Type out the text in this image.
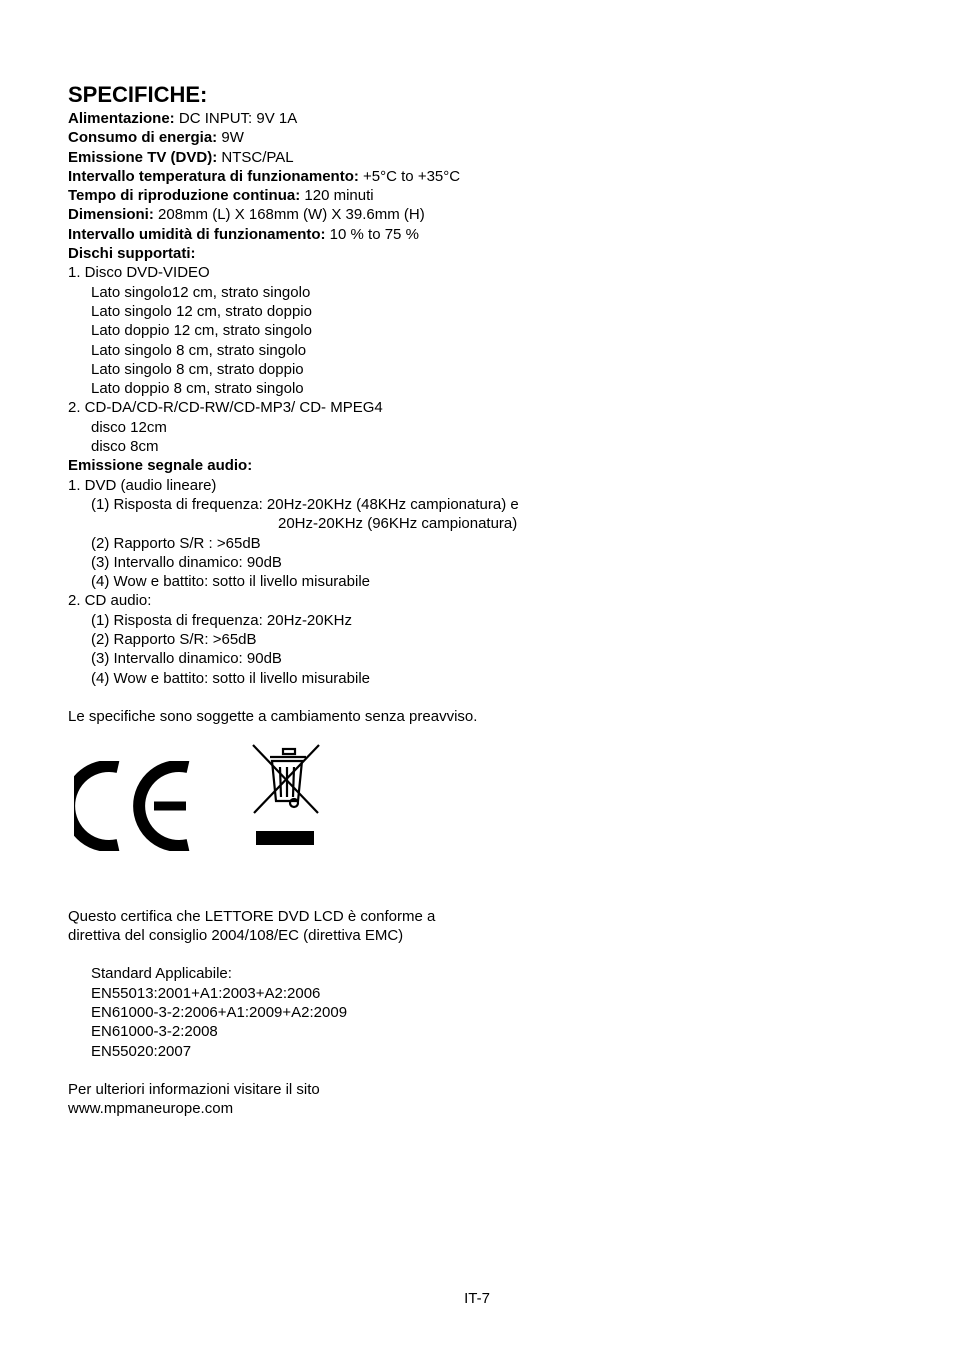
SPECIFICHE:
Alimentazione: DC INPUT: 9V 1A
Consumo di energia: 9W
Emissione TV (DVD): NTSC/PAL
Intervallo temperatura di funzionamento: +5°C to +35°C
Tempo di riproduzione continua: 120 minuti
Dimensioni: 208mm (L) X 168mm (W) X 39.6mm (H)
Intervallo umidità di funzionamento: 10 % to 75 %
Dischi supportati:
1. Disco DVD-VIDEO
Lato singolo12 cm, strato singolo
Lato singolo 12 cm, strato doppio
Lato doppio 12 cm, strato singolo
Lato singolo 8 cm, strato singolo
Lato singolo 8 cm, strato doppio
Lato doppio 8 cm, strato singolo
2. CD-DA/CD-R/CD-RW/CD-MP3/ CD- MPEG4
disco 12cm
disco 8cm
Emissione segnale audio:
1. DVD (audio lineare)
(1) Risposta di frequenza: 20Hz-20KHz (48KHz campionatura) e
20Hz-20KHz (96KHz campionatura)
(2) Rapporto S/R : >65dB
(3) Intervallo dinamico: 90dB
(4) Wow e battito: sotto il livello misurabile
2. CD audio:
(1) Risposta di frequenza: 20Hz-20KHz
(2) Rapporto S/R: >65dB
(3) Intervallo dinamico: 90dB
(4) Wow e battito: sotto il livello misurabile
Le specifiche sono soggette a cambiamento senza preavviso.
Questo certifica che LETTORE DVD LCD è conforme a
direttiva del consiglio 2004/108/EC (direttiva EMC)
Standard Applicabile:
EN55013:2001+A1:2003+A2:2006
EN61000-3-2:2006+A1:2009+A2:2009
EN61000-3-2:2008
EN55020:2007
Per ulteriori informazioni visitare il sito
www.mpmaneurope.com
IT-7
